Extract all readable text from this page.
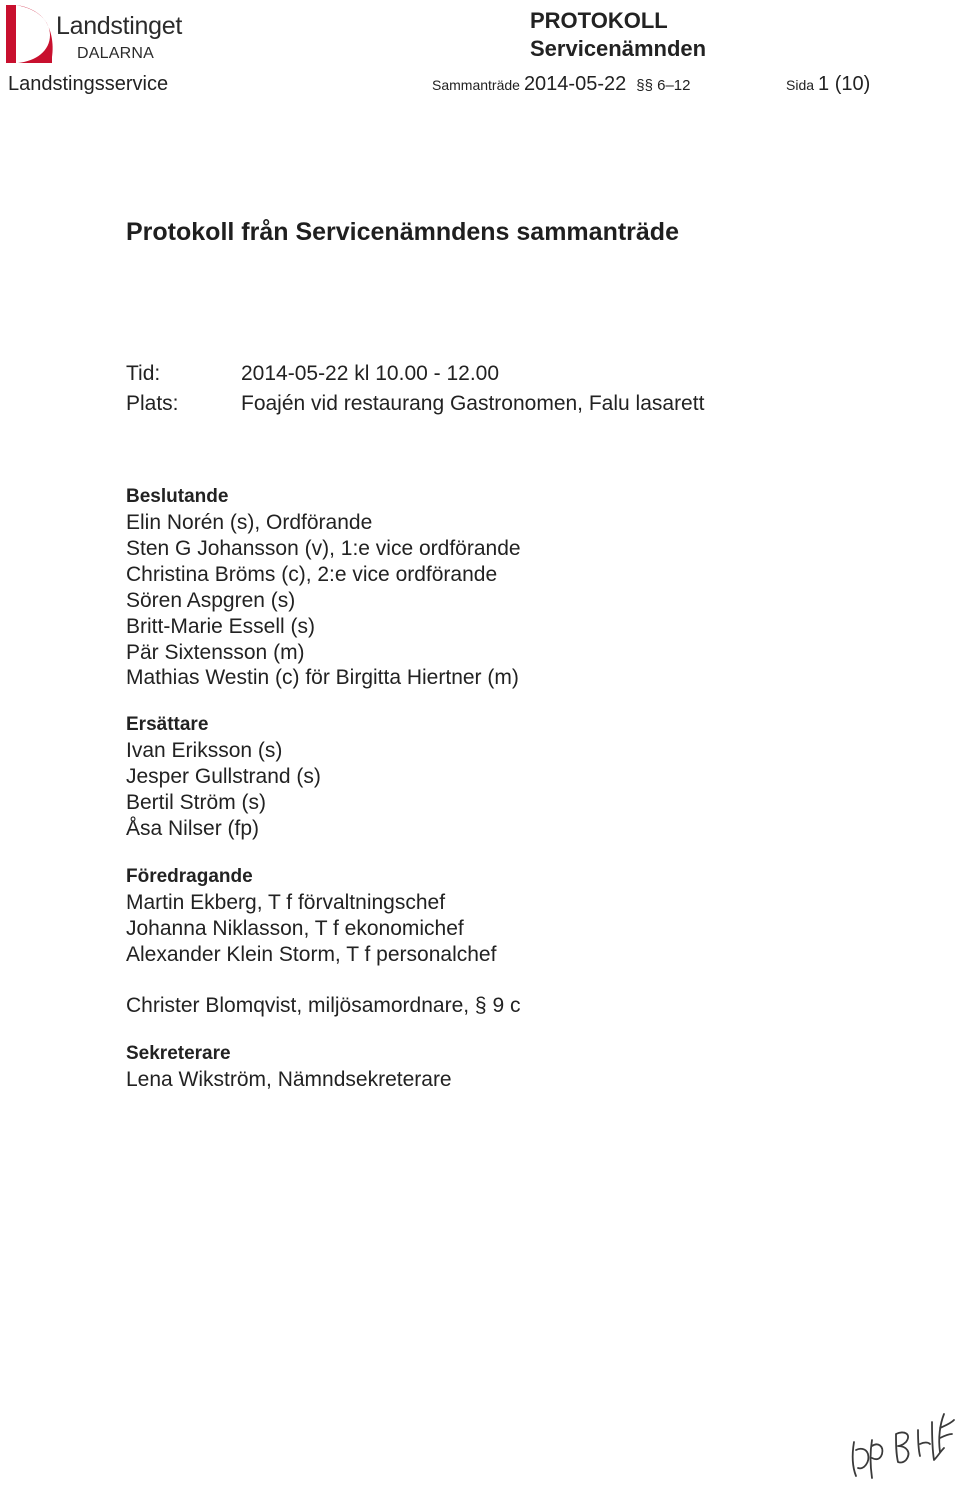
Landstinget
DALARNA
PROTOKOLL
Servicenämnden
Landstingsservice	Sammanträde 2014-05-22 §§ 6–12	Sida 1 (10)
Protokoll från Servicenämndens sammanträde
Tid:	2014-05-22 kl 10.00 - 12.00
Plats:	Foajén vid restaurang Gastronomen, Falu lasarett
Beslutande
Elin Norén (s), Ordförande
Sten G Johansson (v), 1:e vice ordförande
Christina Bröms (c), 2:e vice ordförande
Sören Aspgren (s)
Britt-Marie Essell (s)
Pär Sixtensson (m)
Mathias Westin (c) för Birgitta Hiertner (m)
Ersättare
Ivan Eriksson (s)
Jesper Gullstrand (s)
Bertil Ström (s)
Åsa Nilser (fp)
Föredragande
Martin Ekberg, T f förvaltningschef
Johanna Niklasson, T f ekonomichef
Alexander Klein Storm, T f personalchef
Christer Blomqvist, miljösamordnare, § 9 c
Sekreterare
Lena Wikström, Nämndsekreterare
